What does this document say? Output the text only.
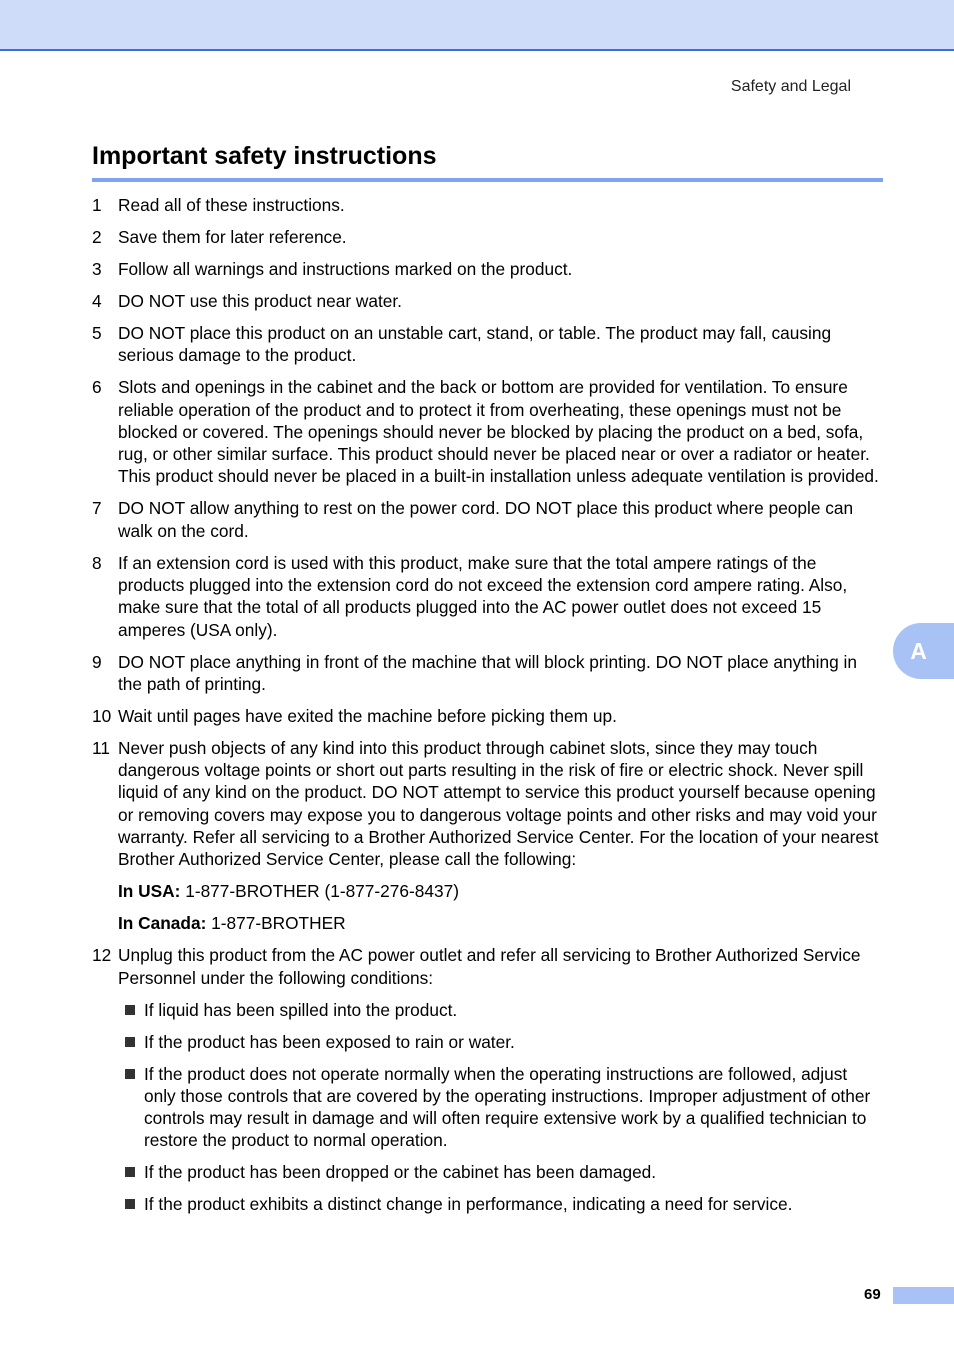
Safety and Legal
Important safety instructions
A
1 Read all of these instructions.
2 Save them for later reference.
3 Follow all warnings and instructions marked on the product.
4 DO NOT use this product near water.
5 DO NOT place this product on an unstable cart, stand, or table. The product may fall, causing serious damage to the product.
6 Slots and openings in the cabinet and the back or bottom are provided for ventilation. To ensure reliable operation of the product and to protect it from overheating, these openings must not be blocked or covered. The openings should never be blocked by placing the product on a bed, sofa, rug, or other similar surface. This product should never be placed near or over a radiator or heater. This product should never be placed in a built-in installation unless adequate ventilation is provided.
7 DO NOT allow anything to rest on the power cord. DO NOT place this product where people can walk on the cord.
8 If an extension cord is used with this product, make sure that the total ampere ratings of the products plugged into the extension cord do not exceed the extension cord ampere rating. Also, make sure that the total of all products plugged into the AC power outlet does not exceed 15 amperes (USA only).
9 DO NOT place anything in front of the machine that will block printing. DO NOT place anything in the path of printing.
10 Wait until pages have exited the machine before picking them up.
11 Never push objects of any kind into this product through cabinet slots, since they may touch dangerous voltage points or short out parts resulting in the risk of fire or electric shock. Never spill liquid of any kind on the product. DO NOT attempt to service this product yourself because opening or removing covers may expose you to dangerous voltage points and other risks and may void your warranty. Refer all servicing to a Brother Authorized Service Center. For the location of your nearest Brother Authorized Service Center, please call the following:
In USA: 1-877-BROTHER (1-877-276-8437)
In Canada: 1-877-BROTHER
12 Unplug this product from the AC power outlet and refer all servicing to Brother Authorized Service Personnel under the following conditions:
If liquid has been spilled into the product.
If the product has been exposed to rain or water.
If the product does not operate normally when the operating instructions are followed, adjust only those controls that are covered by the operating instructions. Improper adjustment of other controls may result in damage and will often require extensive work by a qualified technician to restore the product to normal operation.
If the product has been dropped or the cabinet has been damaged.
If the product exhibits a distinct change in performance, indicating a need for service.
69
